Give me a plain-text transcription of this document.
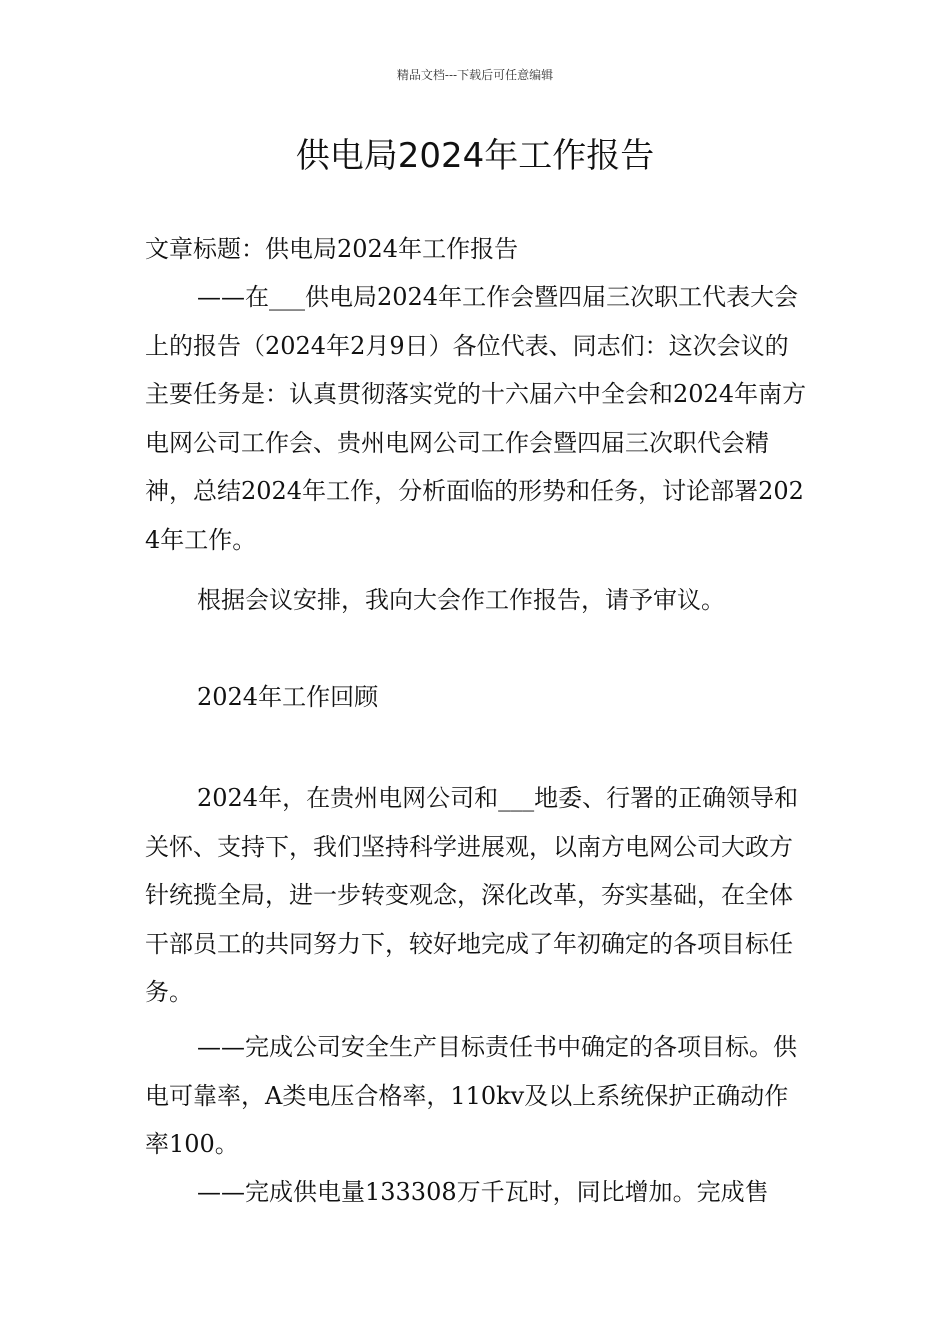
精品文档---下载后可任意编辑
供电局2024年工作报告

文章标题：供电局2024年工作报告

——在___供电局2024年工作会暨四届三次职工代表大会上的报告（2024年2月9日）各位代表、同志们：这次会议的主要任务是：认真贯彻落实党的十六届六中全会和2024年南方电网公司工作会、贵州电网公司工作会暨四届三次职代会精神，总结2024年工作，分析面临的形势和任务，讨论部署2024年工作。

根据会议安排，我向大会作工作报告，请予审议。

2024年工作回顾

2024年，在贵州电网公司和___地委、行署的正确领导和关怀、支持下，我们坚持科学进展观，以南方电网公司大政方针统揽全局，进一步转变观念，深化改革，夯实基础，在全体干部员工的共同努力下，较好地完成了年初确定的各项目标任务。

——完成公司安全生产目标责任书中确定的各项目标。供电可靠率，A类电压合格率，110kv及以上系统保护正确动作率100。

——完成供电量133308万千瓦时，同比增加。完成售
